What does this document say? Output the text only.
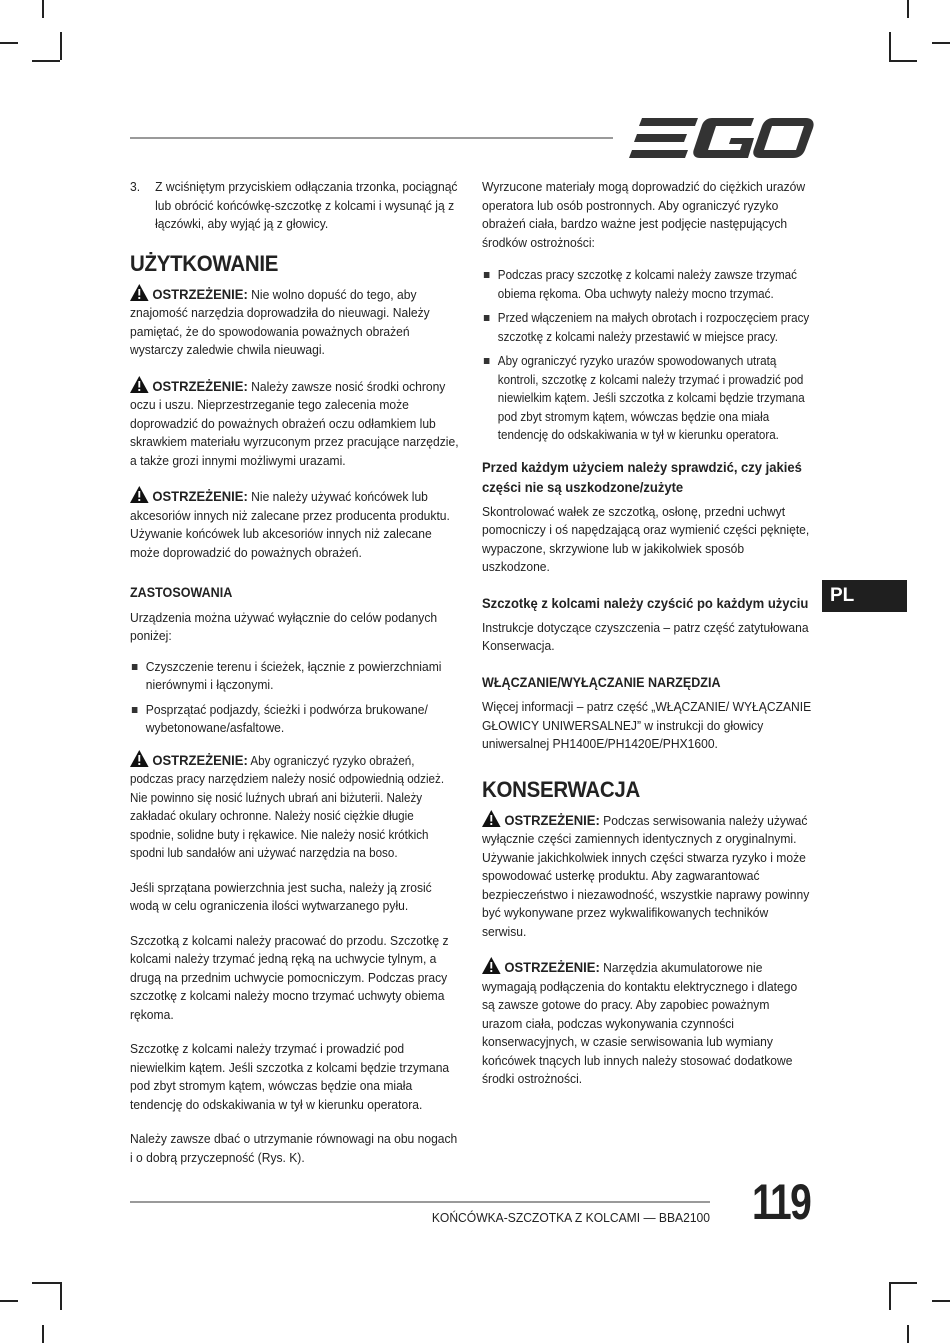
3. Z wciśniętym przyciskiem odłączania trzonka, pociągnąć lub obrócić końcówkę-szczotkę z kolcami i wysunąć ją z łączówki, aby wyjąć ją z głowicy.
UŻYTKOWANIE

OSTRZEŻENIE: Nie wolno dopuść do tego, aby znajomość narzędzia doprowadziła do nieuwagi. Należy pamiętać, że do spowodowania poważnych obrażeń wystarczy zaledwie chwila nieuwagi.

OSTRZEŻENIE: Należy zawsze nosić środki ochrony oczu i uszu. Nieprzestrzeganie tego zalecenia może doprowadzić do poważnych obrażeń oczu odłamkiem lub skrawkiem materiału wyrzuconym przez pracujące narzędzie, a także grozi innymi możliwymi urazami.

OSTRZEŻENIE: Nie należy używać końcówek lub akcesoriów innych niż zalecane przez producenta produktu. Używanie końcówek lub akcesoriów innych niż zalecane może doprowadzić do poważnych obrażeń.

ZASTOSOWANIA

Urządzenia można używać wyłącznie do celów podanych poniżej:

Czyszczenie terenu i ścieżek, łącznie z powierzchniami nierównymi i łączonymi.
Posprzątać podjazdy, ścieżki i podwórza brukowane/ wybetonowane/asfaltowe.

OSTRZEŻENIE: Aby ograniczyć ryzyko obrażeń, podczas pracy narzędziem należy nosić odpowiednią odzież. Nie powinno się nosić luźnych ubrań ani biżuterii. Należy zakładać okulary ochronne. Należy nosić ciężkie długie spodnie, solidne buty i rękawice. Nie należy nosić krótkich spodni lub sandałów ani używać narzędzia na boso.

Jeśli sprzątana powierzchnia jest sucha, należy ją zrosić wodą w celu ograniczenia ilości wytwarzanego pyłu.

Szczotką z kolcami należy pracować do przodu. Szczotkę z kolcami należy trzymać jedną ręką na uchwycie tylnym, a drugą na przednim uchwycie pomocniczym. Podczas pracy szczotkę z kolcami należy mocno trzymać uchwyty obiema rękoma.

Szczotkę z kolcami należy trzymać i prowadzić pod niewielkim kątem. Jeśli szczotka z kolcami będzie trzymana pod zbyt stromym kątem, wówczas będzie ona miała tendencję do odskakiwania w tył w kierunku operatora.

Należy zawsze dbać o utrzymanie równowagi na obu nogach i o dobrą przyczepność (Rys. K).

Wyrzucone materiały mogą doprowadzić do ciężkich urazów operatora lub osób postronnych. Aby ograniczyć ryzyko obrażeń ciała, bardzo ważne jest podjęcie następujących środków ostrożności:

Podczas pracy szczotkę z kolcami należy zawsze trzymać obiema rękoma. Oba uchwyty należy mocno trzymać.
Przed włączeniem na małych obrotach i rozpoczęciem pracy szczotkę z kolcami należy przestawić w miejsce pracy.
Aby ograniczyć ryzyko urazów spowodowanych utratą kontroli, szczotkę z kolcami należy trzymać i prowadzić pod niewielkim kątem. Jeśli szczotka z kolcami będzie trzymana pod zbyt stromym kątem, wówczas będzie ona miała tendencję do odskakiwania w tył w kierunku operatora.
Przed każdym użyciem należy sprawdzić, czy jakieś części nie są uszkodzone/zużyte

Skontrolować wałek ze szczotką, osłonę, przedni uchwyt pomocniczy i oś napędzającą oraz wymienić części pęknięte, wypaczone, skrzywione lub w jakikolwiek sposób uszkodzone.

Szczotkę z kolcami należy czyścić po każdym użyciu

Instrukcje dotyczące czyszczenia – patrz część zatytułowana Konserwacja.

WŁĄCZANIE/WYŁĄCZANIE NARZĘDZIA

Więcej informacji – patrz część „WŁĄCZANIE/ WYŁĄCZANIE GŁOWICY UNIWERSALNEJ” w instrukcji do głowicy uniwersalnej PH1400E/PH1420E/PHX1600.

KONSERWACJA

OSTRZEŻENIE: Podczas serwisowania należy używać wyłącznie części zamiennych identycznych z oryginalnymi. Używanie jakichkolwiek innych części stwarza ryzyko i może spowodować usterkę produktu. Aby zagwarantować bezpieczeństwo i niezawodność, wszystkie naprawy powinny być wykonywane przez wykwalifikowanych techników serwisu.

OSTRZEŻENIE: Narzędzia akumulatorowe nie wymagają podłączenia do kontaktu elektrycznego i dlatego są zawsze gotowe do pracy. Aby zapobiec poważnym urazom ciała, podczas wykonywania czynności konserwacyjnych, w czasie serwisowania lub wymiany końcówek tnących lub innych należy stosować dodatkowe środki ostrożności.

PL
KOŃCÓWKA-SZCZOTKA Z KOLCAMI — BBA2100 119
